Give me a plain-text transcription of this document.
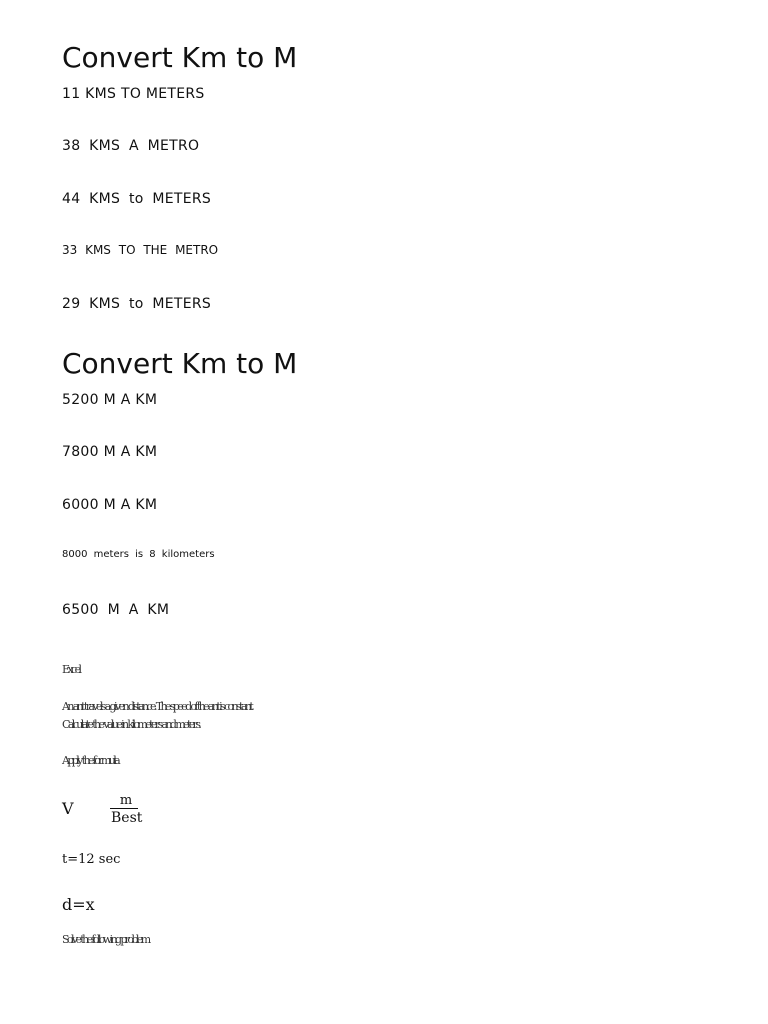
Convert Km to M
11 KMS TO METERS
38 KMS A METRO
44 KMS to METERS
33 KMS TO THE METRO
29 KMS to METERS
Convert Km to M
5200 M A KM
7800 M A KM
6000 M A KM
8000 meters is 8 kilometers
6500 M A KM
Excel
An ant travels a given distance. The speed of the ant is constant.
Calculate the value in kilometers and meters.
Apply the formula
V	m
Best
t=12 sec
d=x
Solve the following problem
